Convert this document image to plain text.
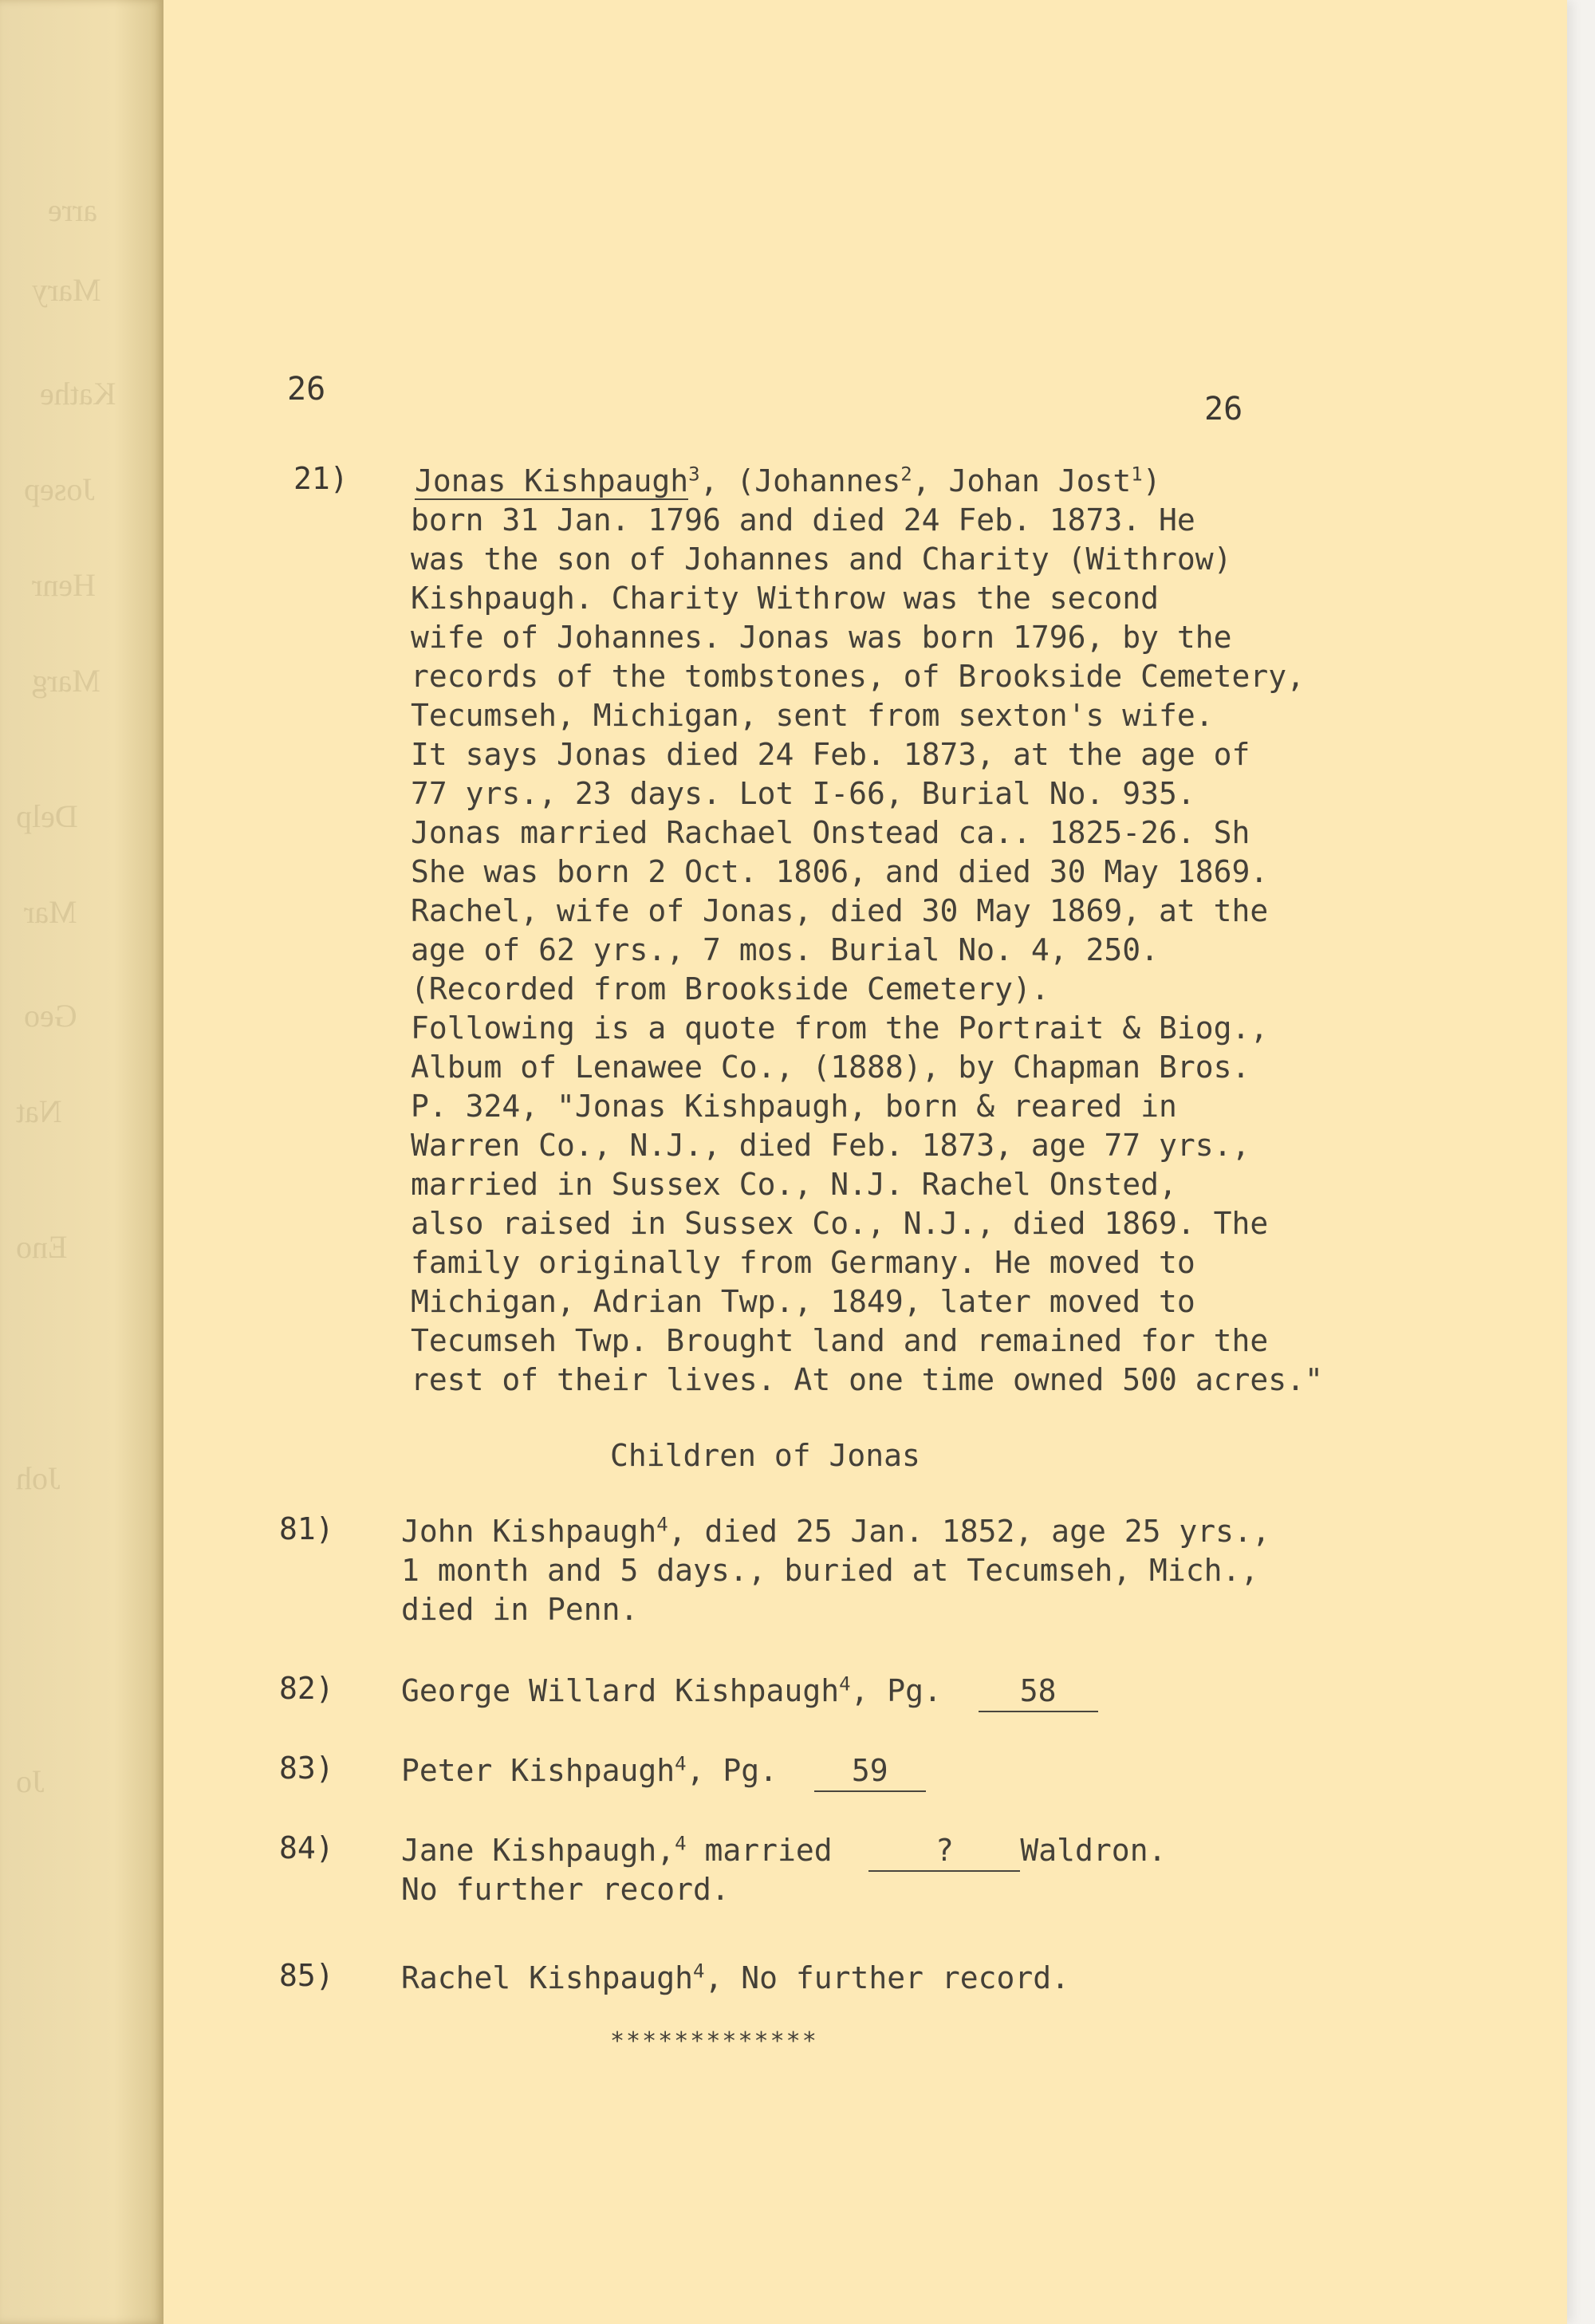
arre
Mary
Kathe
Josep
Henr
Marg
Delp
Mar
Geo
Nat
Eno
Joh
Jo
26
26
21) Jonas Kishpaugh$^3$, (Johannes$^2$, Johan Jost$^1$)
born 31 Jan. 1796 and died 24 Feb. 1873. He
was the son of Johannes and Charity (Withrow)
Kishpaugh. Charity Withrow was the second
wife of Johannes. Jonas was born 1796, by the
records of the tombstones, of Brookside Cemetery,
Tecumseh, Michigan, sent from sexton's wife.
It says Jonas died 24 Feb. 1873, at the age of
77 yrs., 23 days. Lot I-66, Burial No. 935.
Jonas married Rachael Onstead ca.. 1825-26. Sh
She was born 2 Oct. 1806, and died 30 May 1869.
Rachel, wife of Jonas, died 30 May 1869, at the
age of 62 yrs., 7 mos. Burial No. 4, 250.
(Recorded from Brookside Cemetery).
Following is a quote from the Portrait & Biog.,
Album of Lenawee Co., (1888), by Chapman Bros.
P. 324, "Jonas Kishpaugh, born & reared in
Warren Co., N.J., died Feb. 1873, age 77 yrs.,
married in Sussex Co., N.J. Rachel Onsted,
also raised in Sussex Co., N.J., died 1869. The
family originally from Germany. He moved to
Michigan, Adrian Twp., 1849, later moved to
Tecumseh Twp. Brought land and remained for the
rest of their lives. At one time owned 500 acres."
Children of Jonas
81) John Kishpaugh$^4$, died 25 Jan. 1852, age 25 yrs.,
1 month and 5 days., buried at Tecumseh, Mich.,
died in Penn.
82) George Willard Kishpaugh$^4$, Pg.	58
83) Peter Kishpaugh$^4$, Pg. 59
84) Jane Kishpaugh,$^4$ married	? Waldron.
No further record.
85) Rachel Kishpaugh$^4$, No further record.
*************
